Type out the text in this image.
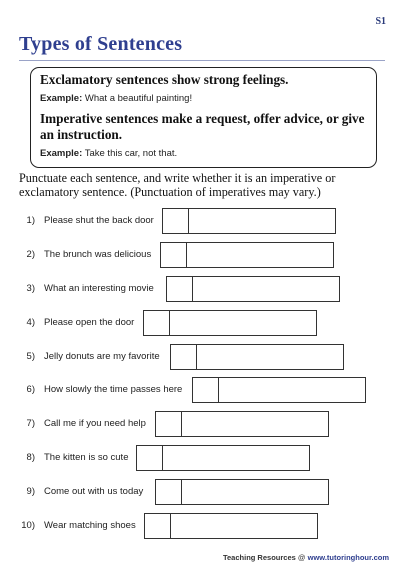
S1
Types of Sentences
Exclamatory sentences show strong feelings.
Example: What a beautiful painting!
Imperative sentences make a request, offer advice, or give an instruction.
Example: Take this car, not that.

Punctuate each sentence, and write whether it is an imperative or exclamatory sentence. (Punctuation of imperatives may vary.)

1) Please shut the back door
2) The brunch was delicious
3) What an interesting movie
4) Please open the door
5) Jelly donuts are my favorite
6) How slowly the time passes here
7) Call me if you need help
8) The kitten is so cute
9) Come out with us today
10) Wear matching shoes
Teaching Resources @ www.tutoringhour.com
